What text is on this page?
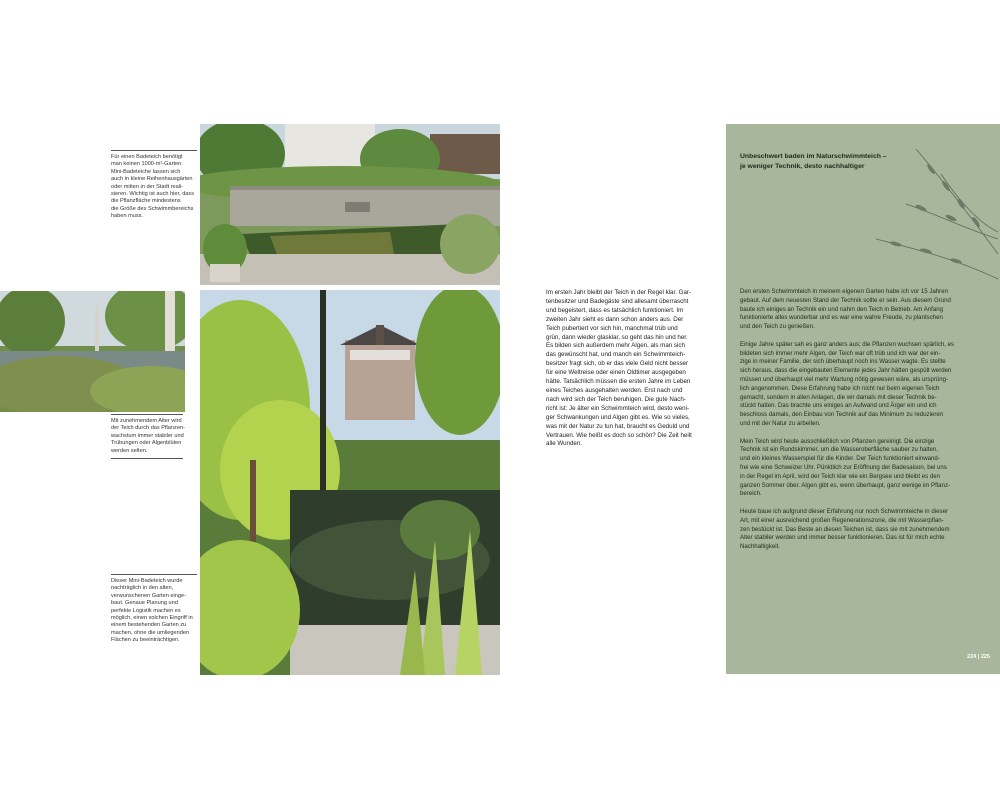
Für einen Badeteich benötigt
man keinen 1000-m²-Garten.
Mini-Badeteiche lassen sich
auch in kleine Reihenhausgärten
oder mitten in der Stadt reali-
sieren. Wichtig ist auch hier, dass
die Pflanzfläche mindestens
die Größe des Schwimmbereichs
haben muss.
Mit zunehmendem Alter wird
der Teich durch das Pflanzen-
wachstum immer stabiler und
Trübungen oder Algenblüten
werden selten.
Dieser Mini-Badeteich wurde
nachträglich in den alten,
verwunschenen Garten einge-
baut. Genaue Planung und
perfekte Logistik machen es
möglich, einen solchen Eingriff in
einem bestehenden Garten zu
machen, ohne die umliegenden
Flächen zu beeinträchtigen.
Im ersten Jahr bleibt der Teich in der Regel klar. Gar-
tenbesitzer und Badegäste sind allesamt überrascht
und begeistert, dass es tatsächlich funktioniert. Im
zweiten Jahr sieht es dann schon anders aus. Der
Teich pubertiert vor sich hin, manchmal trüb und
grün, dann wieder glasklar, so geht das hin und her.
Es bilden sich außerdem mehr Algen, als man sich
das gewünscht hat, und manch ein Schwimmteich-
besitzer fragt sich, ob er das viele Geld nicht besser
für eine Weltreise oder einen Oldtimer ausgegeben
hätte. Tatsächlich müssen die ersten Jahre im Leben
eines Teiches ausgehalten werden. Erst nach und
nach wird sich der Teich beruhigen. Die gute Nach-
richt ist: Je älter ein Schwimmteich wird, desto weni-
ger Schwankungen und Algen gibt es. Wie so vieles,
was mit der Natur zu tun hat, braucht es Geduld und
Vertrauen. Wie heißt es doch so schön? Die Zeit heilt
alle Wunden.
Unbeschwert baden im Naturschwimmteich –
je weniger Technik, desto nachhaltiger

Den ersten Schwimmteich in meinem eigenen Garten habe ich vor 15 Jahren
gebaut. Auf dem neuesten Stand der Technik sollte er sein. Aus diesem Grund
baute ich einiges an Technik ein und nahm den Teich in Betrieb. Am Anfang
funktionierte alles wunderbar und es war eine wahre Freude, zu plantschen
und den Teich zu genießen.

Einige Jahre später sah es ganz anders aus; die Pflanzen wuchsen spärlich, es
bildeten sich immer mehr Algen, der Teich war oft trüb und ich war der ein-
zige in meiner Familie, der sich überhaupt noch ins Wasser wagte. Es stellte
sich heraus, dass die eingebauten Elemente jedes Jahr hätten gespült werden
müssen und überhaupt viel mehr Wartung nötig gewesen wäre, als ursprüng-
lich angenommen. Diese Erfahrung habe ich nicht nur beim eigenen Teich
gemacht, sondern in allen Anlagen, die wir damals mit dieser Technik be-
stückt hatten. Das brachte uns einiges an Aufwand und Ärger ein und ich
beschloss damals, den Einbau von Technik auf das Minimum zu reduzieren
und mit der Natur zu arbeiten.

Mein Teich wird heute ausschließlich von Pflanzen gereinigt. Die einzige
Technik ist ein Rundskimmer, um die Wasseroberfläche sauber zu halten,
und ein kleines Wasserspiel für die Kinder. Der Teich funktioniert einwand-
frei wie eine Schweizer Uhr. Pünktlich zur Eröffnung der Badesaison, bei uns
in der Regel im April, wird der Teich klar wie ein Bergsee und bleibt es den
ganzen Sommer über. Algen gibt es, wenn überhaupt, ganz wenige im Pflanz-
bereich.

Heute baue ich aufgrund dieser Erfahrung nur noch Schwimmteiche in dieser
Art, mit einer ausreichend großen Regenerationszone, die mit Wasserpflan-
zen bestückt ist. Das Beste an diesen Teichen ist, dass sie mit zunehmendem
Alter stabiler werden und immer besser funktionieren. Das ist für mich echte
Nachhaltigkeit.

224 | 225
